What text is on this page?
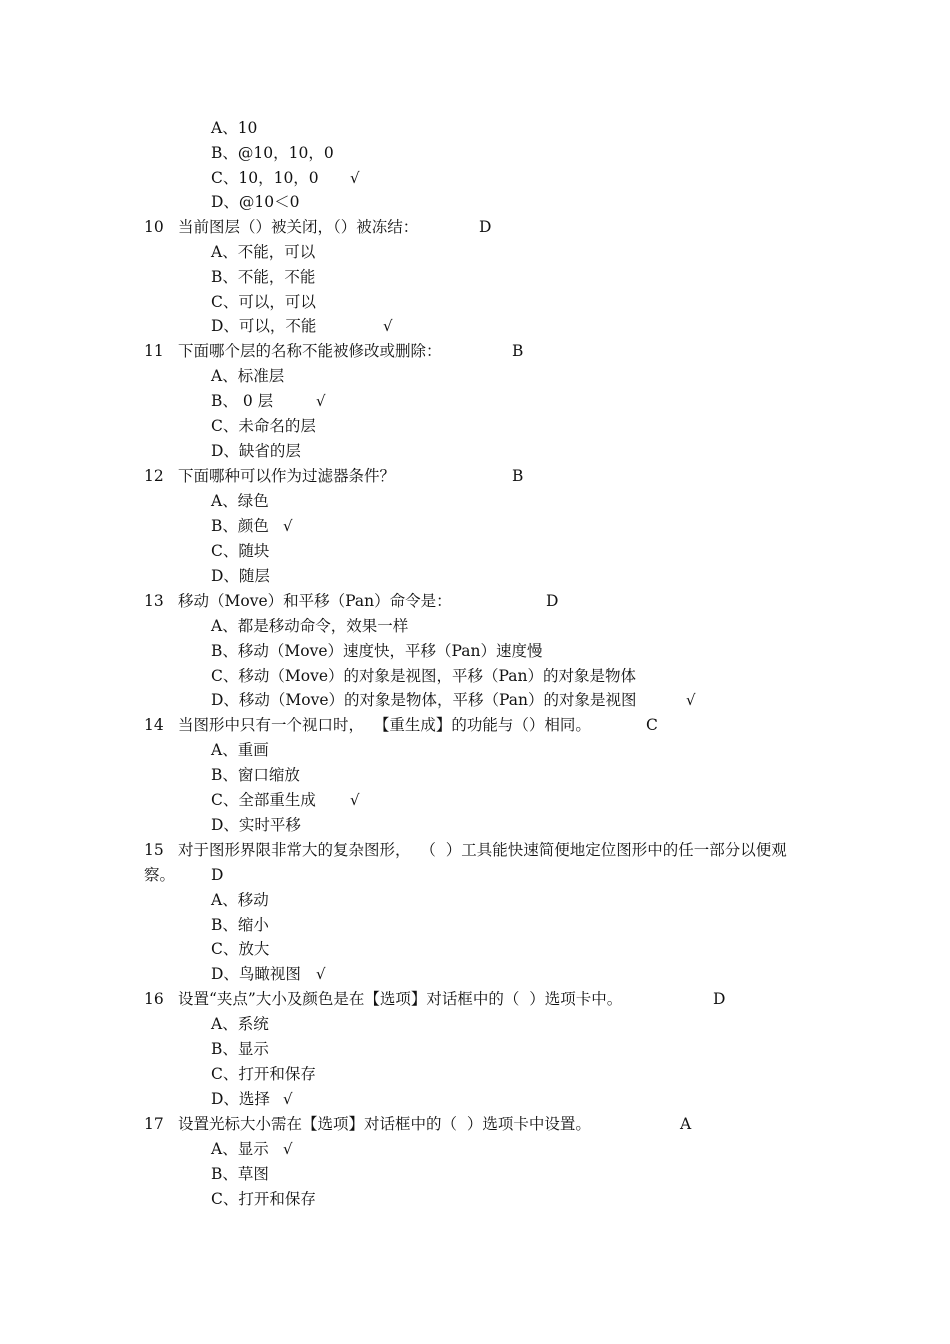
A、10
B、@10，10，0
C、10，10，0 √
D、@10＜0
10 当前图层（）被关闭，（）被冻结：	D
A、不能，可以
B、不能，不能
C、可以，可以
D、可以，不能	√
11 下面哪个层的名称不能被修改或删除：	B
A、标准层
B、 0 层	√
C、未命名的层
D、缺省的层
12 下面哪种可以作为过滤器条件？	B
A、绿色
B、颜色 √
C、随块
D、随层
13 移动（Move）和平移（Pan）命令是：	D
A、都是移动命令，效果一样
B、移动（Move）速度快，平移（Pan）速度慢
C、移动（Move）的对象是视图，平移（Pan）的对象是物体
D、移动（Move）的对象是物体，平移（Pan）的对象是视图	√
14 当图形中只有一个视口时，  【重生成】的功能与（）相同。	C
A、重画
B、窗口缩放
C、全部重生成 √
D、实时平移
15 对于图形界限非常大的复杂图形，  （  ）工具能快速简便地定位图形中的任一部分以便观
察。 D
A、移动
B、缩小
C、放大
D、鸟瞰视图 √
16 设置“夹点”大小及颜色是在【选项】对话框中的（  ）选项卡中。	D
A、系统
B、显示
C、打开和保存
D、选择 √
17 设置光标大小需在【选项】对话框中的（  ）选项卡中设置。	A
A、显示 √
B、草图
C、打开和保存
